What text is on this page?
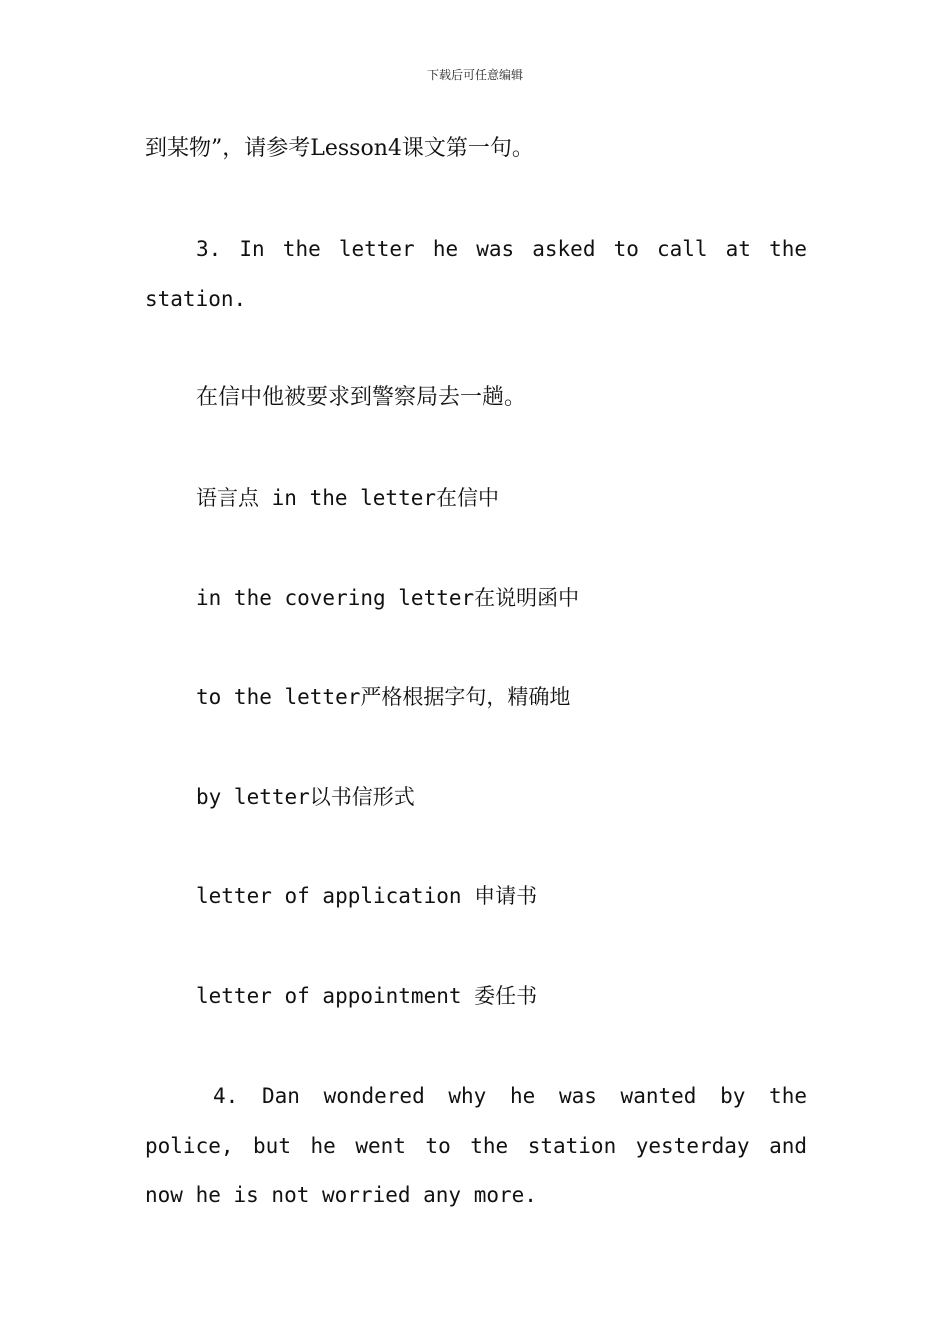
下载后可任意编辑
到某物”，请参考Lesson4课文第一句。
3. In the letter he was asked to call at the
station.
在信中他被要求到警察局去一趟。
语言点 in the letter在信中
in the covering letter在说明函中
to the letter严格根据字句，精确地
by letter以书信形式
letter of application 申请书
letter of appointment 委任书
4. Dan wondered why he was wanted by the
police, but he went to the station yesterday and
now he is not worried any more.
